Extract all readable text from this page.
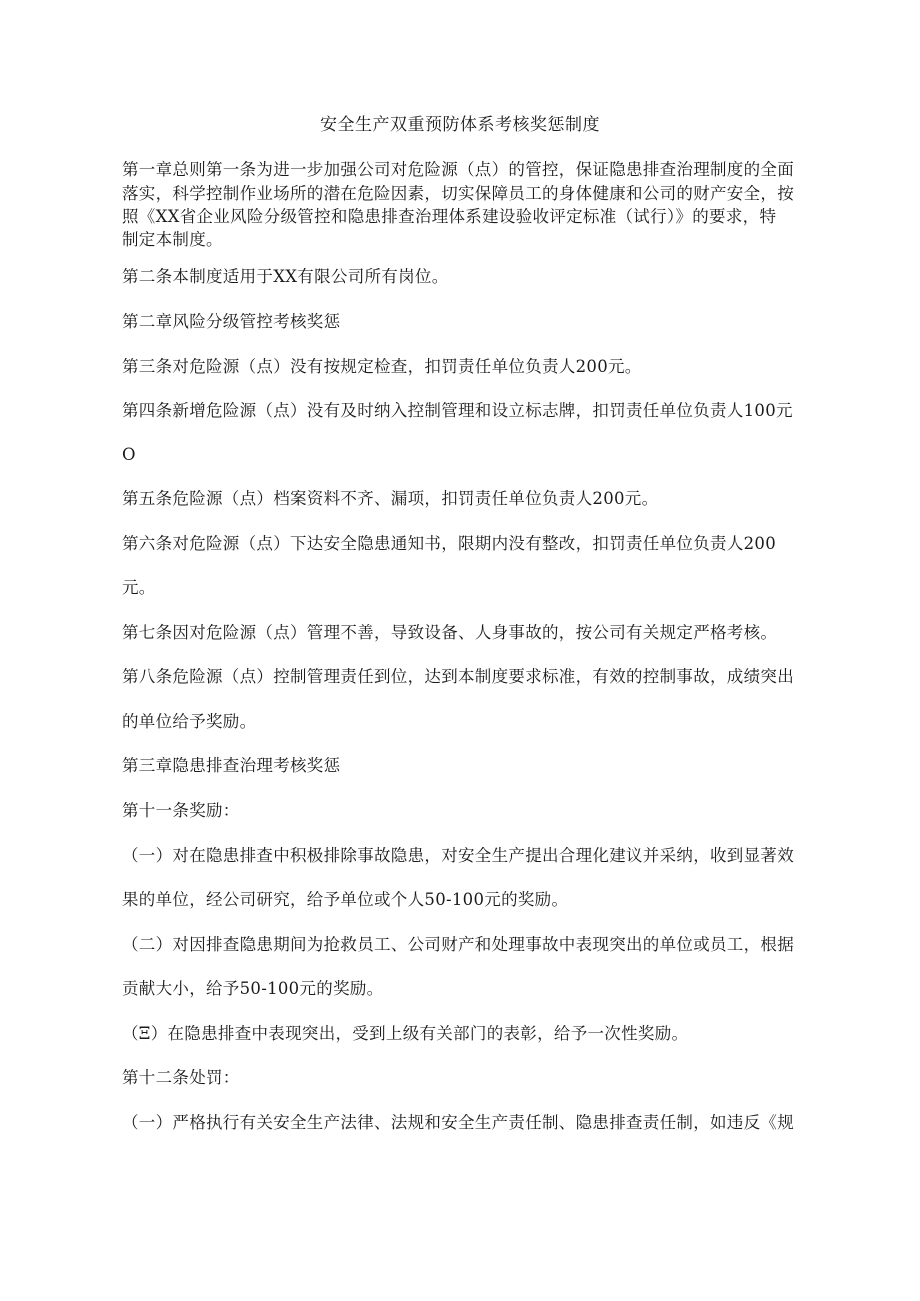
安全生产双重预防体系考核奖惩制度
第一章总则第一条为进一步加强公司对危险源（点）的管控，保证隐患排查治理制度的全面
落实，科学控制作业场所的潜在危险因素，切实保障员工的身体健康和公司的财产安全，按
照《XX省企业风险分级管控和隐患排查治理体系建设验收评定标准（试行）》的要求，特
制定本制度。
第二条本制度适用于XX有限公司所有岗位。
第二章风险分级管控考核奖惩
第三条对危险源（点）没有按规定检查，扣罚责任单位负责人200元。
第四条新增危险源（点）没有及时纳入控制管理和设立标志牌，扣罚责任单位负责人100元
O
第五条危险源（点）档案资料不齐、漏项，扣罚责任单位负责人200元。
第六条对危险源（点）下达安全隐患通知书，限期内没有整改，扣罚责任单位负责人200
元。
第七条因对危险源（点）管理不善，导致设备、人身事故的，按公司有关规定严格考核。
第八条危险源（点）控制管理责任到位，达到本制度要求标准，有效的控制事故，成绩突出
的单位给予奖励。
第三章隐患排查治理考核奖惩
第十一条奖励：
（一）对在隐患排查中积极排除事故隐患，对安全生产提出合理化建议并采纳，收到显著效
果的单位，经公司研究，给予单位或个人50-100元的奖励。
（二）对因排查隐患期间为抢救员工、公司财产和处理事故中表现突出的单位或员工，根据
贡献大小，给予50-100元的奖励。
（Ξ）在隐患排查中表现突出，受到上级有关部门的表彰，给予一次性奖励。
第十二条处罚：
（一）严格执行有关安全生产法律、法规和安全生产责任制、隐患排查责任制，如违反《规
